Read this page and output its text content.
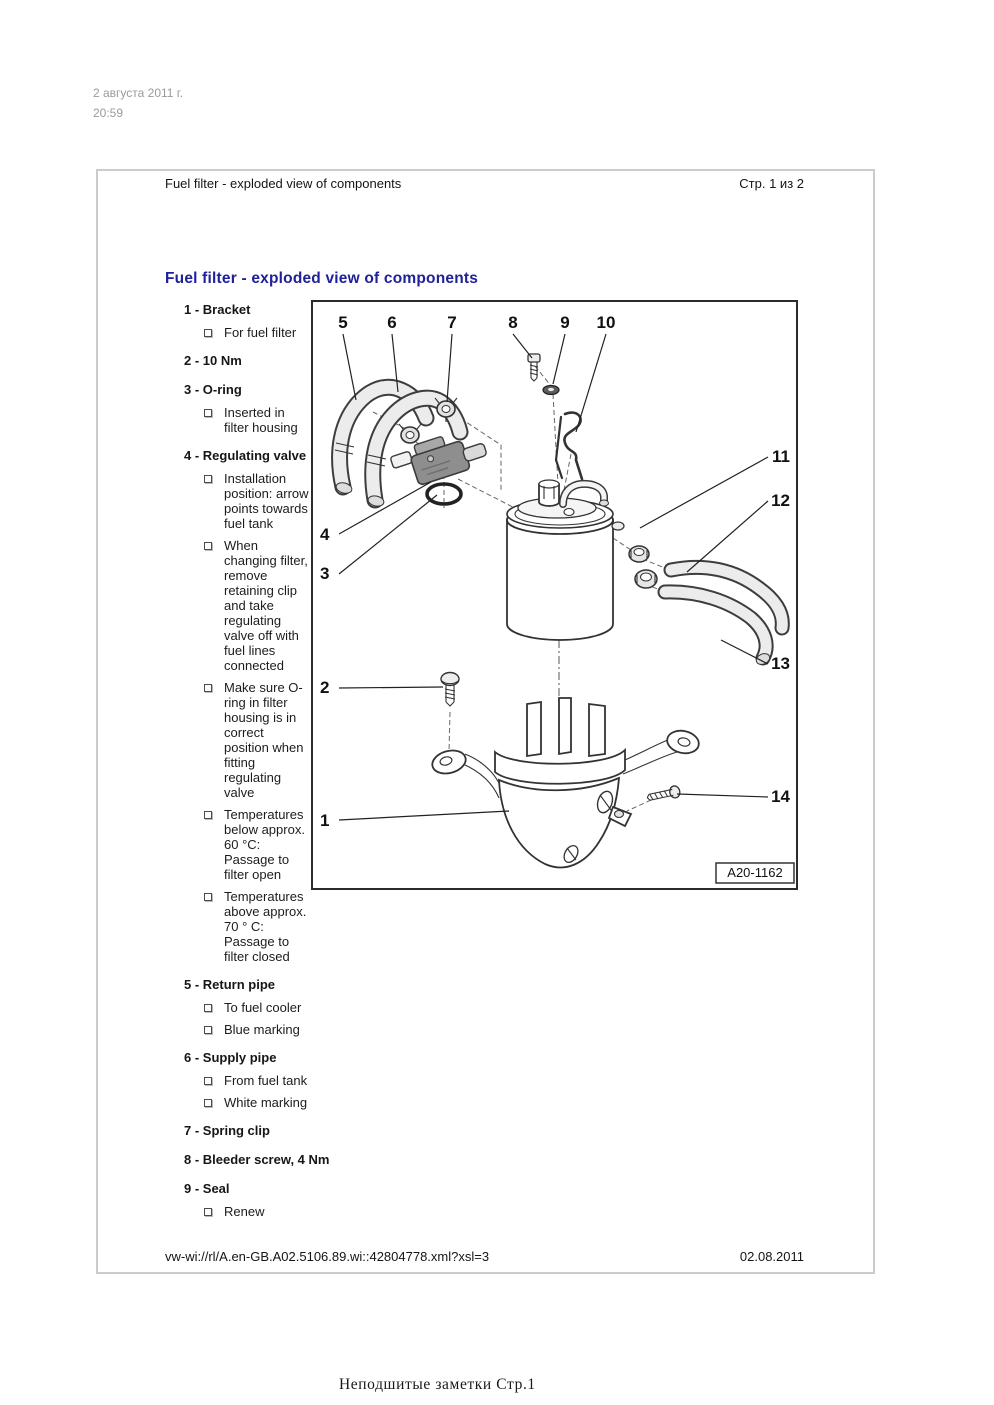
2 августа 2011 г.
20:59
Fuel filter - exploded view of components	Стр. 1 из 2
Fuel filter - exploded view of components
1 - Bracket
For fuel filter
2 - 10 Nm
3 - O-ring
Inserted in filter housing
4 - Regulating valve
Installation position: arrow points towards fuel tank
When changing filter, remove retaining clip and take regulating valve off with fuel lines connected
Make sure O-ring in filter housing is in correct position when fitting regulating valve
Temperatures below approx. 60 °C: Passage to filter open
Temperatures above approx. 70 ° C: Passage to filter closed
5 - Return pipe
To fuel cooler
Blue marking
6 - Supply pipe
From fuel tank
White marking
7 - Spring clip
8 - Bleeder screw, 4 Nm
9 - Seal
Renew
5 6	7	8	9 10
11
12
13
14
4
3
2
1
A20-1162
vw-wi://rl/A.en-GB.A02.5106.89.wi::42804778.xml?xsl=3	02.08.2011
Неподшитые заметки Стр.1
